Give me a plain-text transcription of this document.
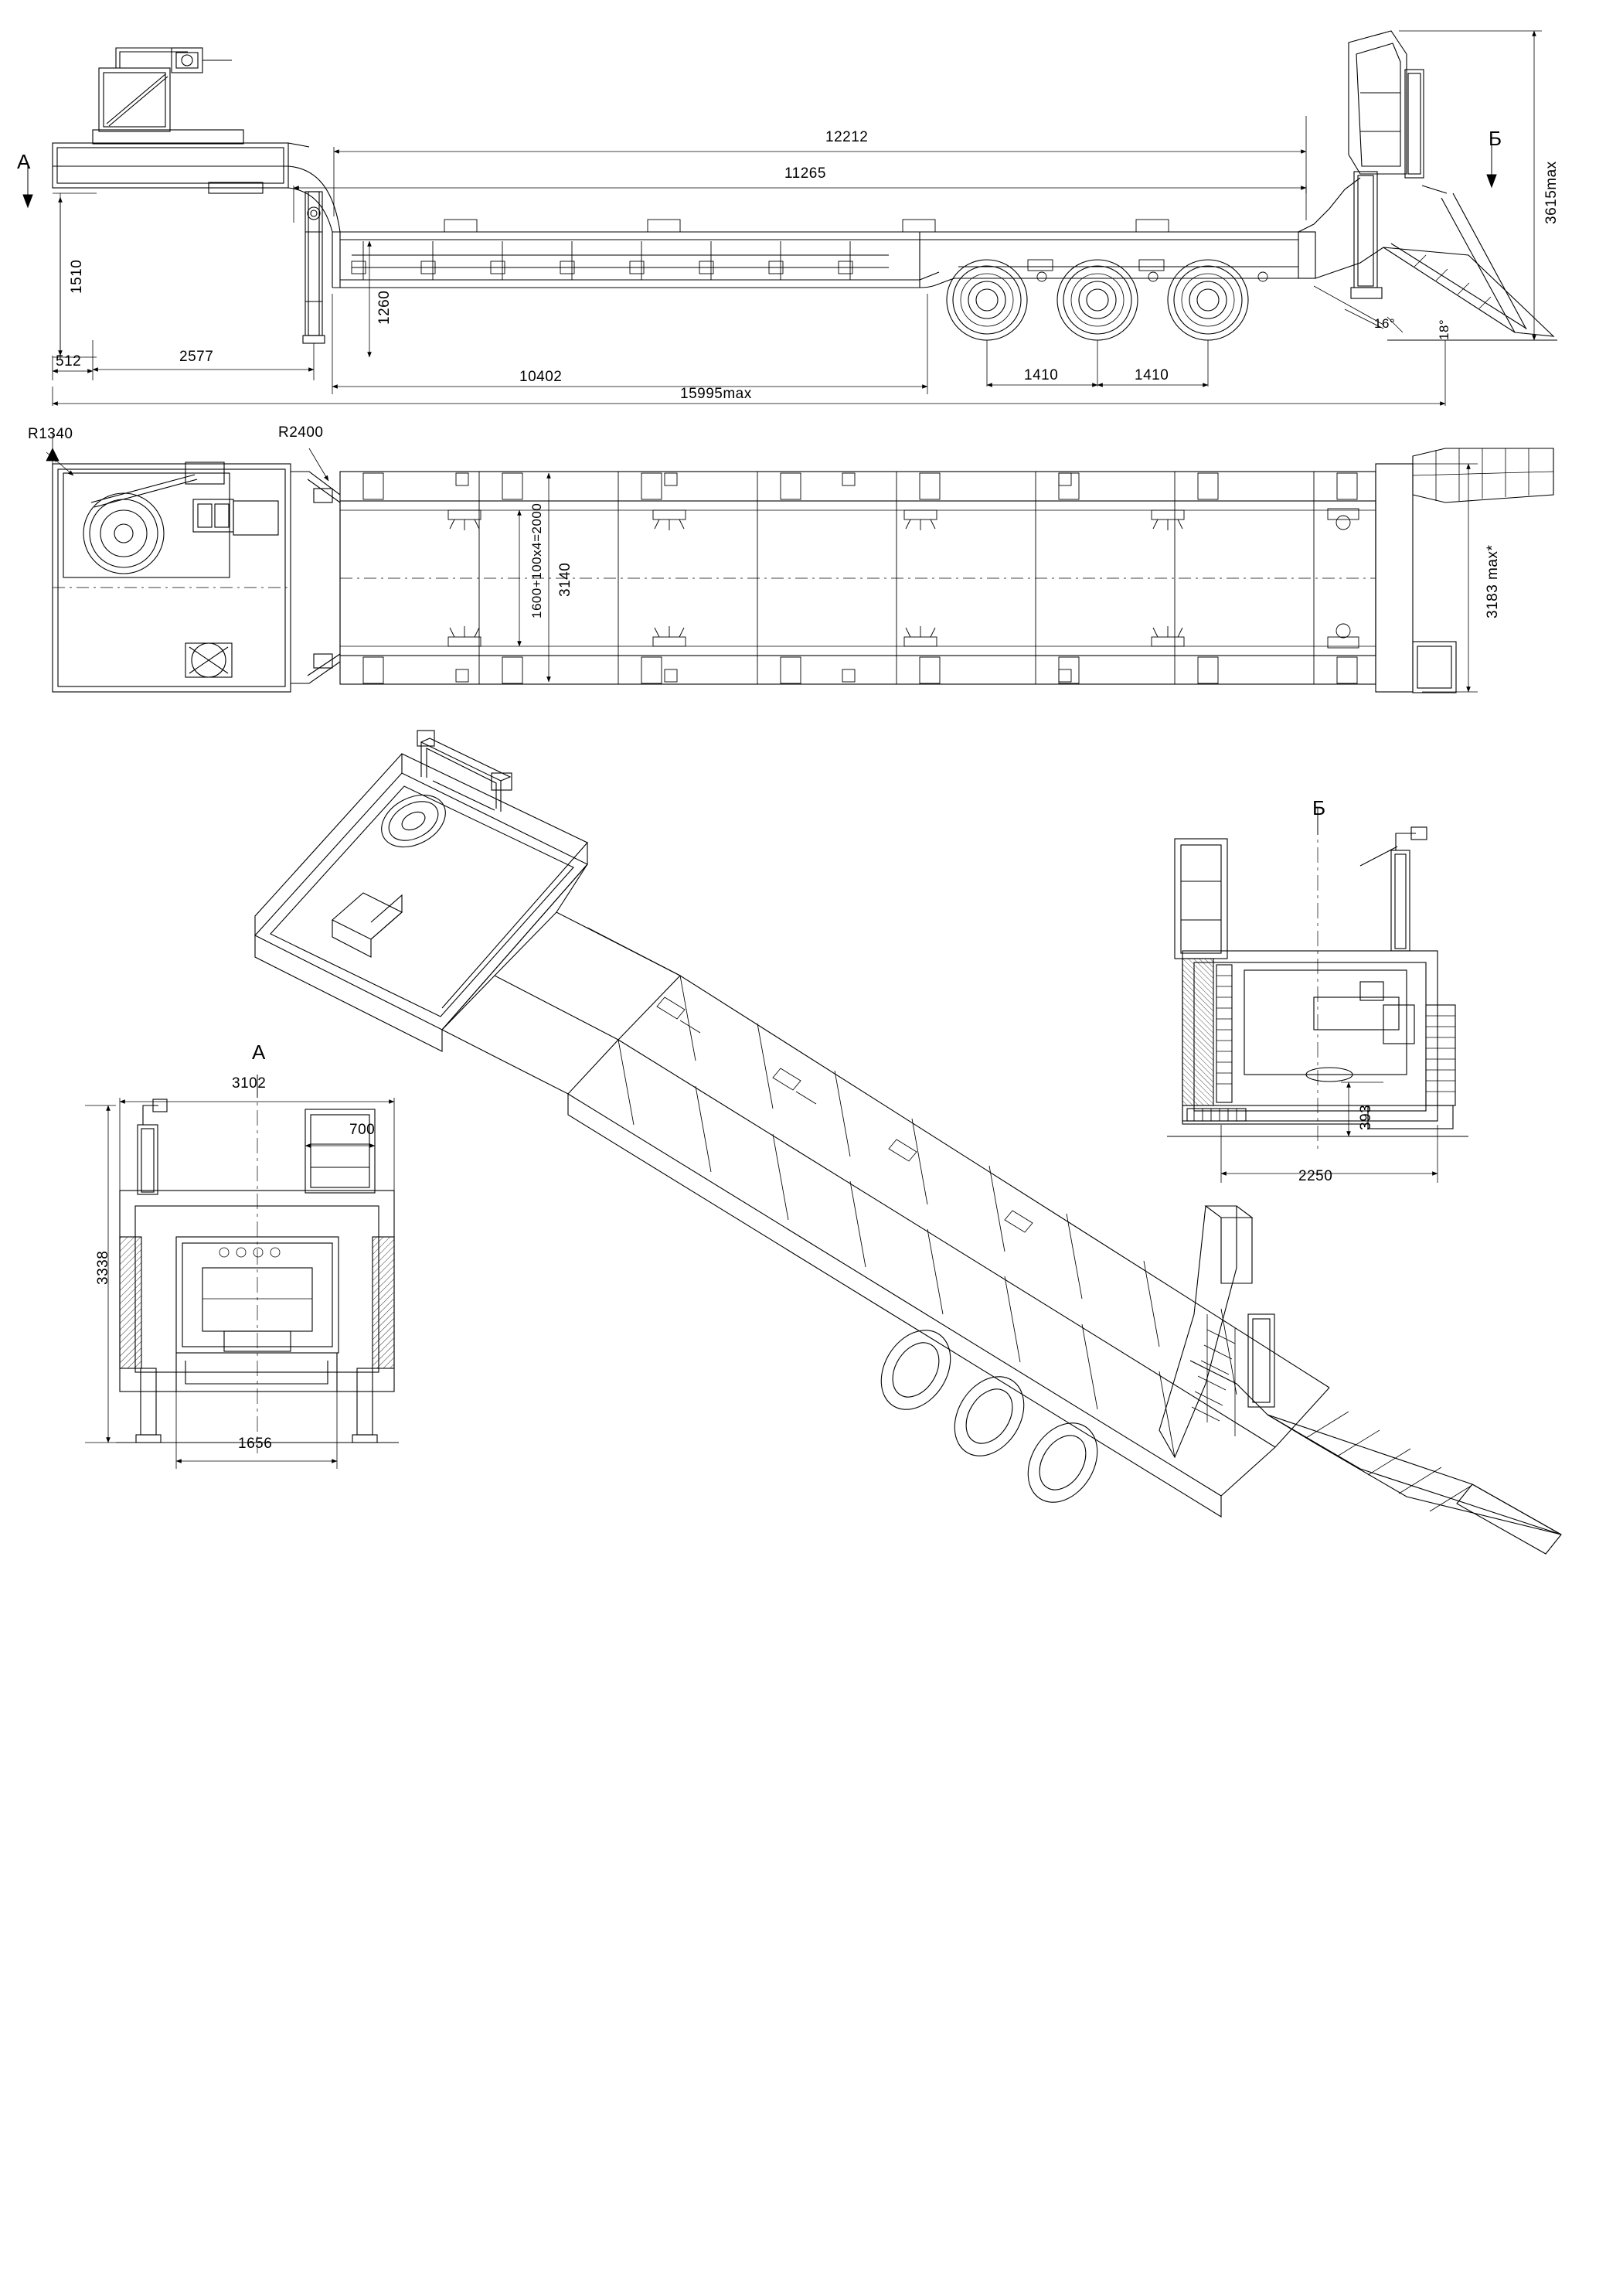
A
Б
A
Б
12212
11265
1510
1260
3615max
512	2577
10402	1410	1410
15995max
16°	18°
R1340	R2400
3140
1600+100x4=2000	3183 max*
3102
700
3338
1656
393
2250
